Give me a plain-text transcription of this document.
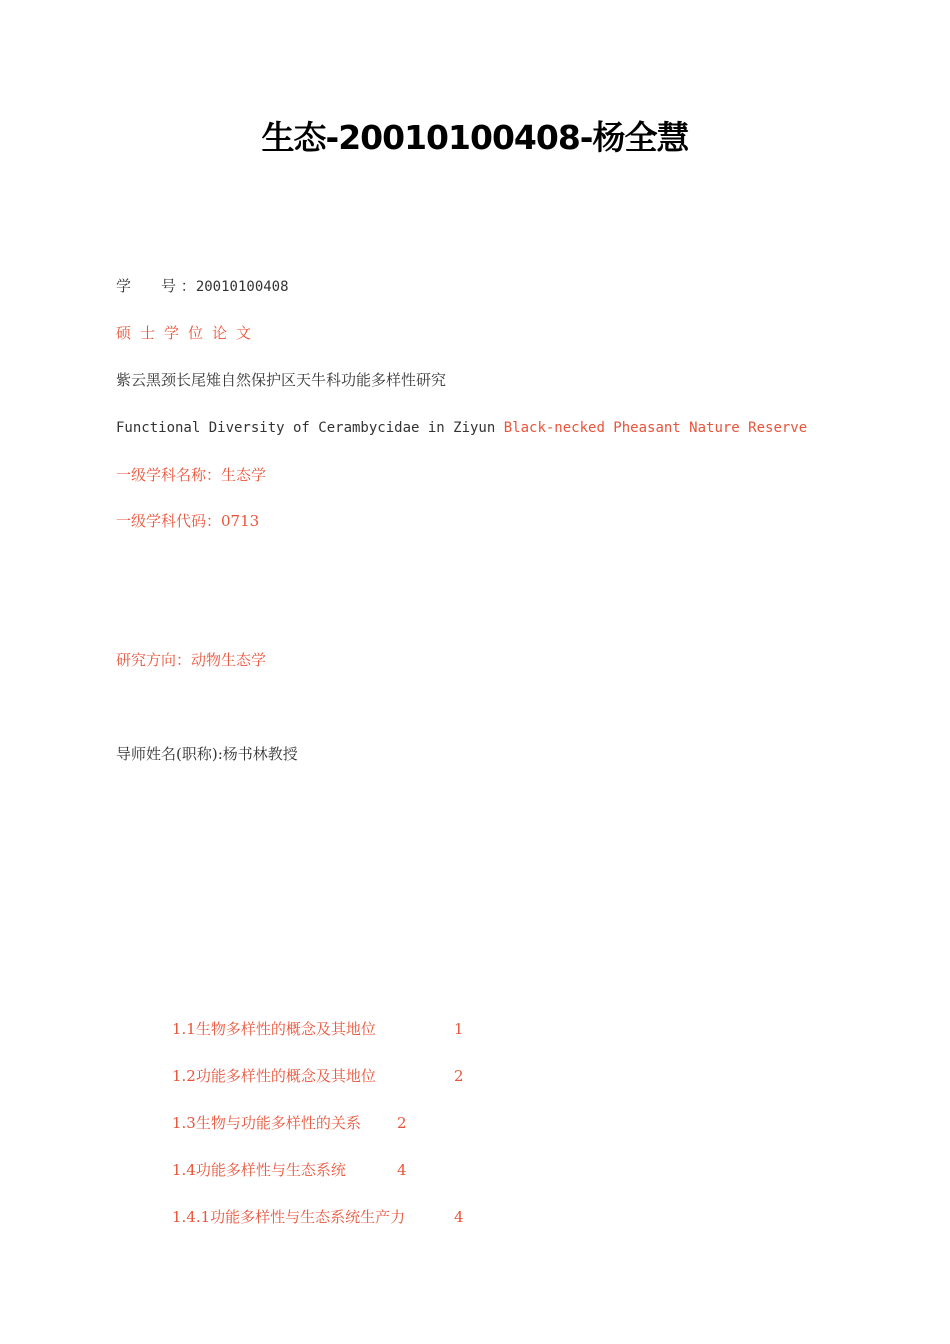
生态-20010100408-杨全慧
学　　号 ：20010100408
硕士学位论文
紫云黑颈长尾雉自然保护区天牛科功能多样性研究
Functional Diversity of Cerambycidae in Ziyun Black-necked Pheasant Nature Reserve
一级学科名称：生态学
一级学科代码：0713
研究方向：动物生态学
导师姓名(职称):杨书林教授
1.1生物多样性的概念及其地位	1
1.2功能多样性的概念及其地位	2
1.3生物与功能多样性的关系 2
1.4功能多样性与生态系统	4
1.4.1功能多样性与生态系统生产力	4
